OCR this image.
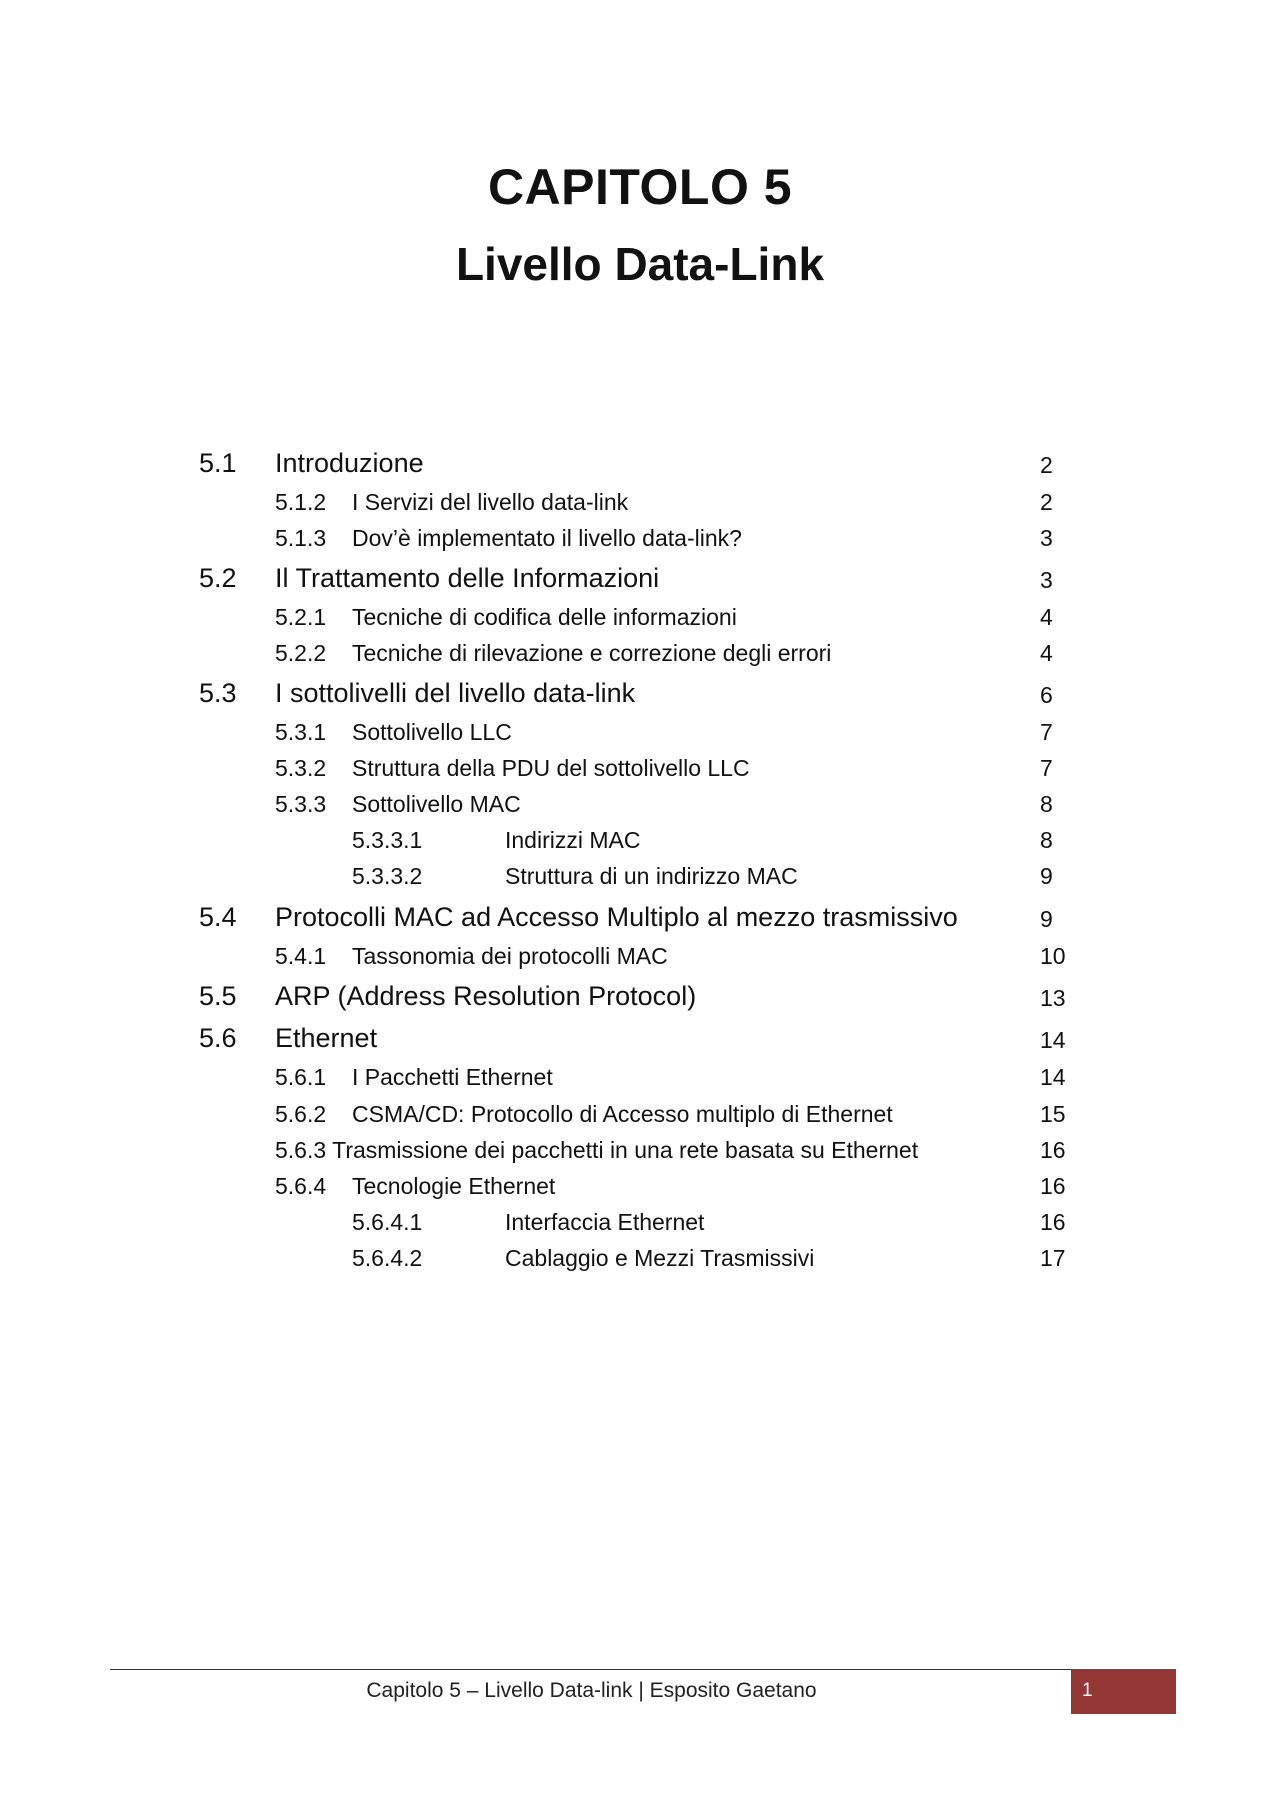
CAPITOLO 5
Livello Data-Link
5.1 Introduzione	2
5.1.2 I Servizi del livello data-link	2
5.1.3 Dov’è implementato il livello data-link?	3
5.2 Il Trattamento delle Informazioni	3
5.2.1 Tecniche di codifica delle informazioni	4
5.2.2 Tecniche di rilevazione e correzione degli errori	4
5.3 I sottolivelli del livello data-link	6
5.3.1 Sottolivello LLC	7
5.3.2 Struttura della PDU del sottolivello LLC	7
5.3.3 Sottolivello MAC	8
5.3.3.1	Indirizzi MAC	8
5.3.3.2	Struttura di un indirizzo MAC	9
5.4 Protocolli MAC ad Accesso Multiplo al mezzo trasmissivo	9
5.4.1 Tassonomia dei protocolli MAC	10
5.5 ARP (Address Resolution Protocol)	13
5.6 Ethernet	14
5.6.1 I Pacchetti Ethernet	14
5.6.2 CSMA/CD: Protocollo di Accesso multiplo di Ethernet	15
5.6.3 Trasmissione dei pacchetti in una rete basata su Ethernet	16
5.6.4 Tecnologie Ethernet	16
5.6.4.1	Interfaccia Ethernet	16
5.6.4.2	Cablaggio e Mezzi Trasmissivi	17
Capitolo 5 – Livello Data-link | Esposito Gaetano	1
